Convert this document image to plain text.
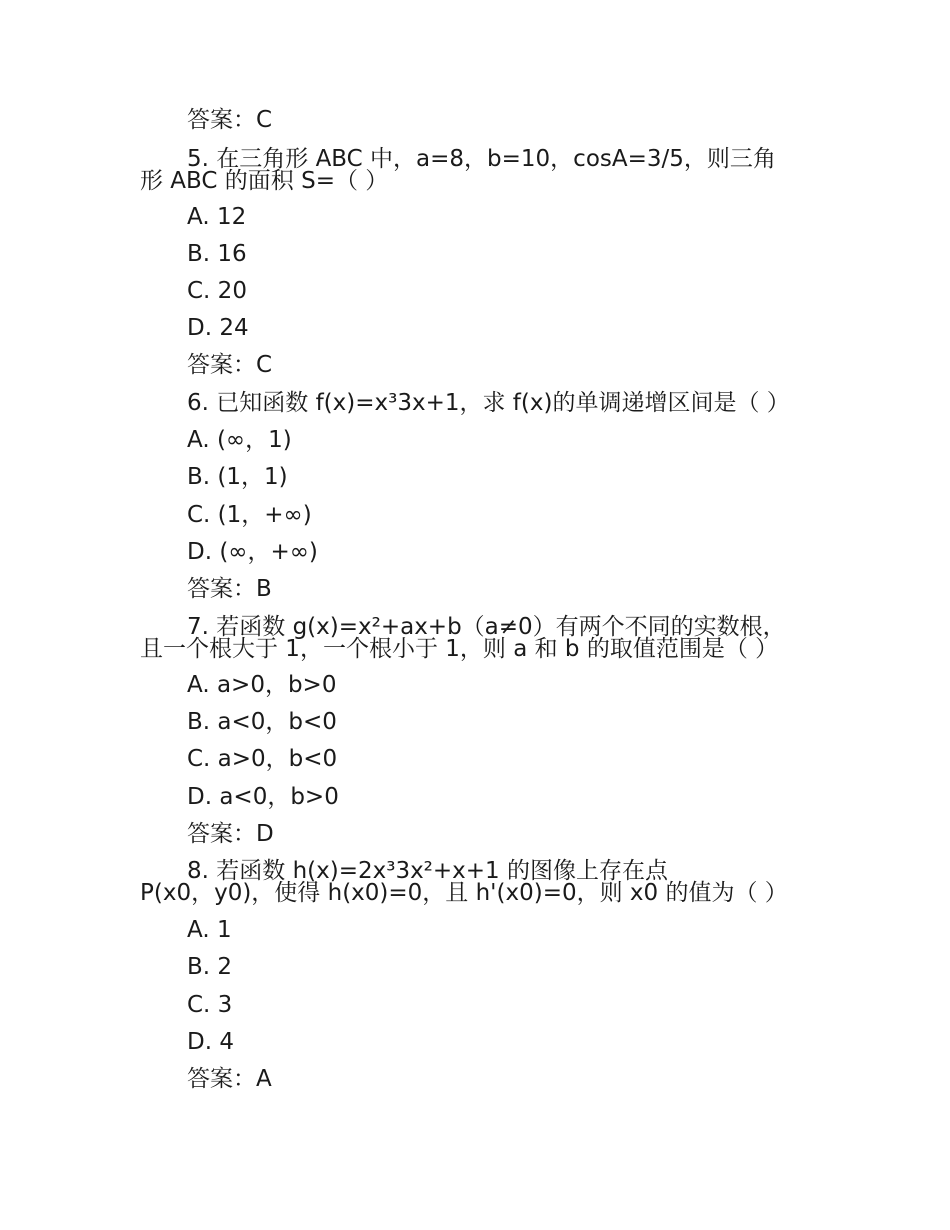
答案：C
5. 在三角形 ABC 中，a=8，b=10，cosA=3/5，则三角
形 ABC 的面积 S=（ ）
A. 12
B. 16
C. 20
D. 24
答案：C
6. 已知函数 f(x)=x³3x+1，求 f(x)的单调递增区间是（ ）
A. (∞，1)
B. (1，1)
C. (1，+∞)
D. (∞，+∞)
答案：B
7. 若函数 g(x)=x²+ax+b（a≠0）有两个不同的实数根，
且一个根大于 1，一个根小于 1，则 a 和 b 的取值范围是（ ）
A. a>0，b>0
B. a<0，b<0
C. a>0，b<0
D. a<0，b>0
答案：D
8. 若函数 h(x)=2x³3x²+x+1 的图像上存在点
P(x0，y0)，使得 h(x0)=0，且 h'(x0)=0，则 x0 的值为（ ）
A. 1
B. 2
C. 3
D. 4
答案：A
